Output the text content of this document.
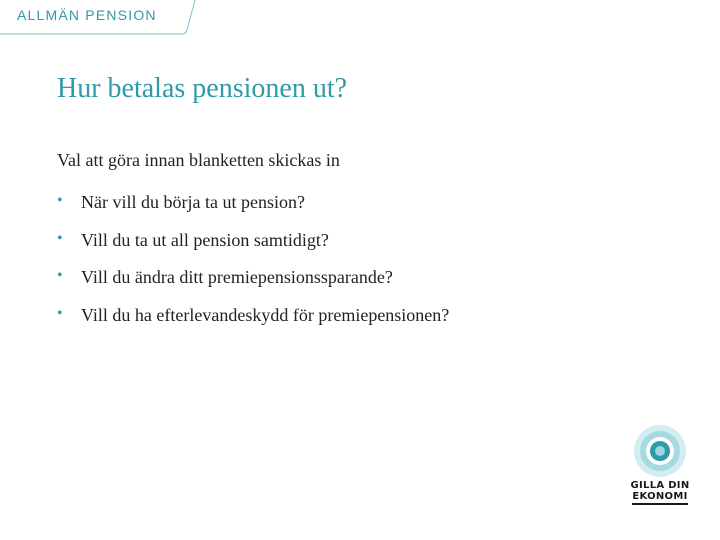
ALLMÄN PENSION
Hur betalas pensionen ut?
Val att göra innan blanketten skickas in
•	När vill du börja ta ut pension?
•	Vill du ta ut all pension samtidigt?
•	Vill du ändra ditt premiepensionssparande?
•	Vill du ha efterlevandeskydd för premiepensionen?
GILLA DIN
EKONOMI
